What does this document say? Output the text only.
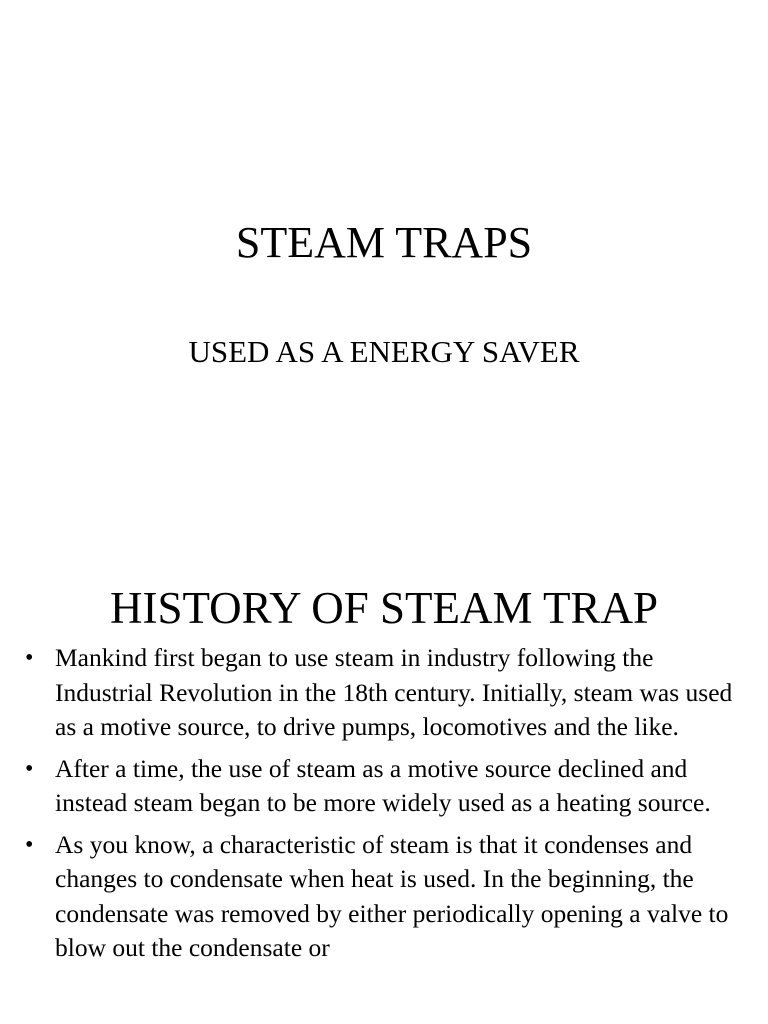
STEAM TRAPS
USED AS A ENERGY SAVER
HISTORY OF STEAM TRAP
• Mankind first began to use steam in industry following the Industrial Revolution in the 18th century. Initially, steam was used as a motive source, to drive pumps, locomotives and the like.
• After a time, the use of steam as a motive source declined and instead steam began to be more widely used as a heating source.
• As you know, a characteristic of steam is that it condenses and changes to condensate when heat is used. In the beginning, the condensate was removed by either periodically opening a valve to blow out the condensate or
